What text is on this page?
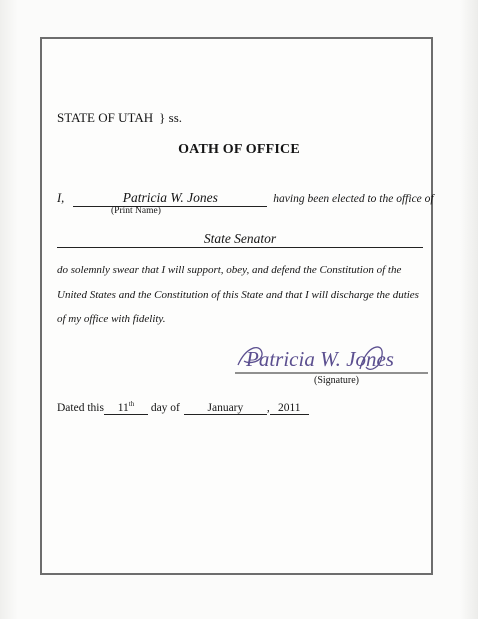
STATE OF UTAH } ss.
OATH OF OFFICE
I,	Patricia W. Jones	having been elected to the office of
(Print Name)
State Senator
do solemnly swear that I will support, obey, and defend the Constitution of the
United States and the Constitution of this State and that I will discharge the duties
of my office with fidelity.
Patricia W. Jones
(Signature)
Dated this 11th day of January , 2011
